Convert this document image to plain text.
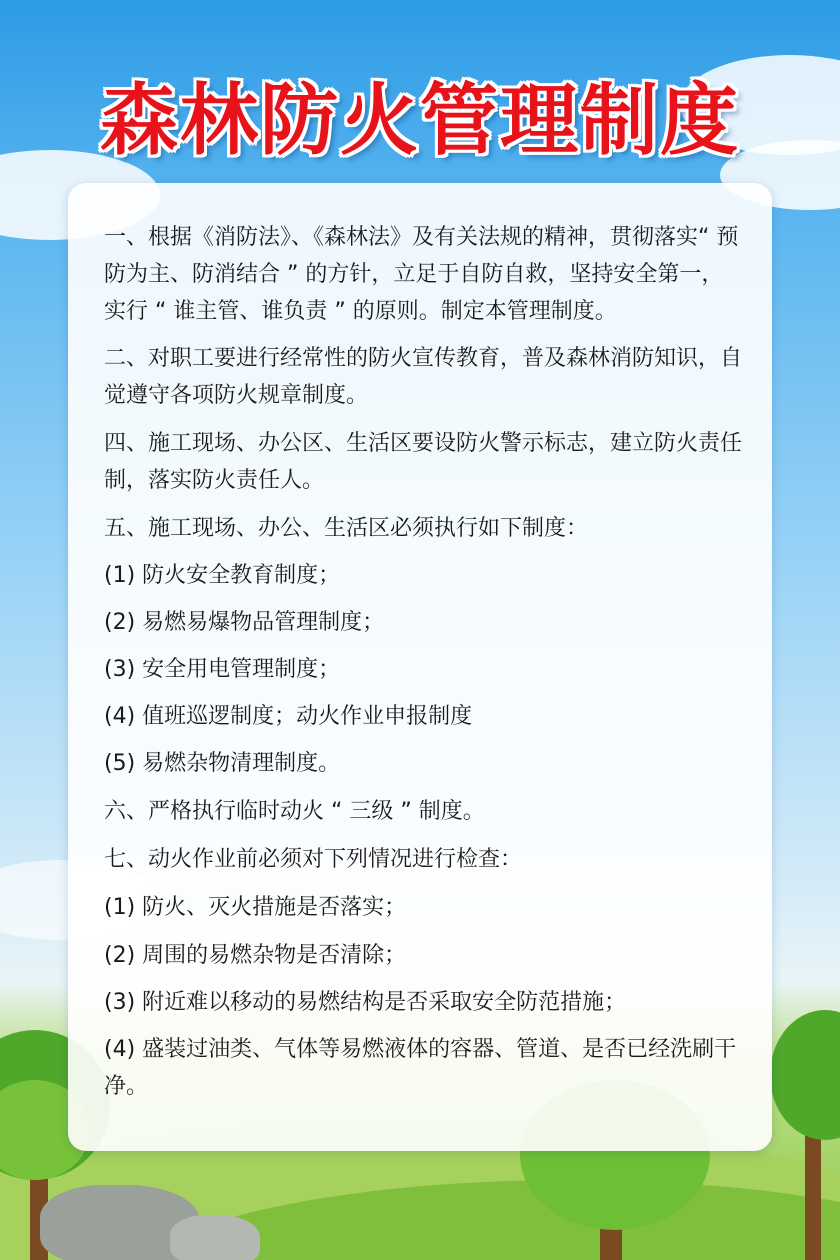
森林防火管理制度

一、根据《消防法》、《森林法》及有关法规的精神，贯彻落实“ 预防为主、防消结合 ” 的方针，立足于自防自救，坚持安全第一，实行 “ 谁主管、谁负责 ” 的原则。制定本管理制度。

二、对职工要进行经常性的防火宣传教育，普及森林消防知识，自觉遵守各项防火规章制度。

四、施工现场、办公区、生活区要设防火警示标志，建立防火责任制，落实防火责任人。

五、施工现场、办公、生活区必须执行如下制度：

(1) 防火安全教育制度；

(2) 易燃易爆物品管理制度；

(3) 安全用电管理制度；

(4) 值班巡逻制度；动火作业申报制度

(5) 易燃杂物清理制度。

六、严格执行临时动火 “ 三级 ” 制度。

七、动火作业前必须对下列情况进行检查：

(1) 防火、灭火措施是否落实；

(2) 周围的易燃杂物是否清除；

(3) 附近难以移动的易燃结构是否采取安全防范措施；

(4) 盛装过油类、气体等易燃液体的容器、管道、是否已经洗刷干净。
